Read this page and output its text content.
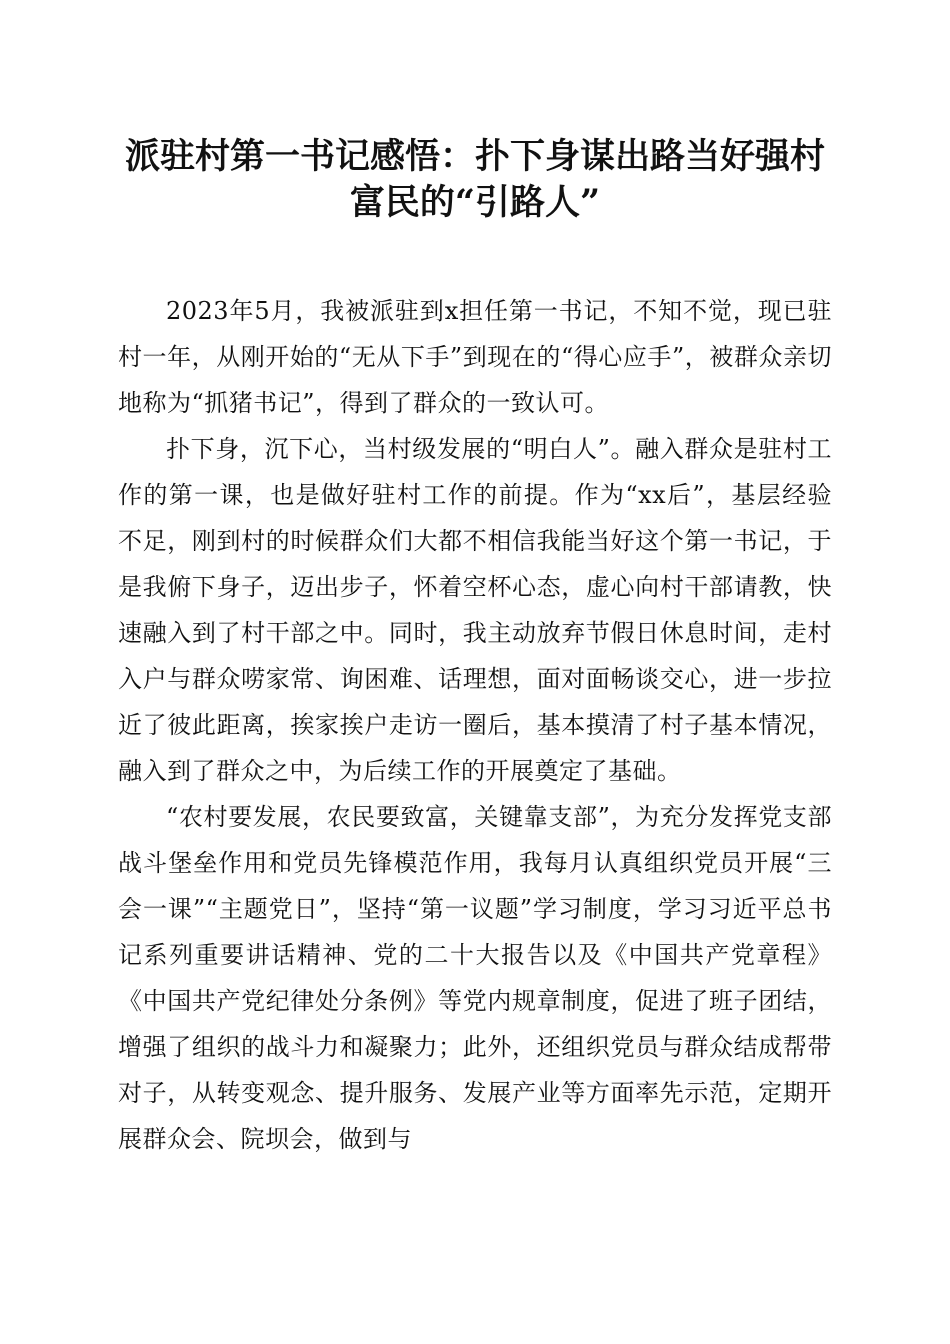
派驻村第一书记感悟：扑下身谋出路当好强村
富民的“引路人”

2023年5月，我被派驻到x担任第一书记，不知不觉，现已驻村一年，从刚开始的“无从下手”到现在的“得心应手”，被群众亲切地称为“抓猪书记”，得到了群众的一致认可。

扑下身，沉下心，当村级发展的“明白人”。融入群众是驻村工作的第一课，也是做好驻村工作的前提。作为“xx后”，基层经验不足，刚到村的时候群众们大都不相信我能当好这个第一书记，于是我俯下身子，迈出步子，怀着空杯心态，虚心向村干部请教，快速融入到了村干部之中。同时，我主动放弃节假日休息时间，走村入户与群众唠家常、询困难、话理想，面对面畅谈交心，进一步拉近了彼此距离，挨家挨户走访一圈后，基本摸清了村子基本情况，融入到了群众之中，为后续工作的开展奠定了基础。

“农村要发展，农民要致富，关键靠支部”，为充分发挥党支部战斗堡垒作用和党员先锋模范作用，我每月认真组织党员开展“三会一课”“主题党日”，坚持“第一议题”学习制度，学习习近平总书记系列重要讲话精神、党的二十大报告以及《中国共产党章程》《中国共产党纪律处分条例》等党内规章制度，促进了班子团结，增强了组织的战斗力和凝聚力；此外，还组织党员与群众结成帮带对子，从转变观念、提升服务、发展产业等方面率先示范，定期开展群众会、院坝会，做到与
